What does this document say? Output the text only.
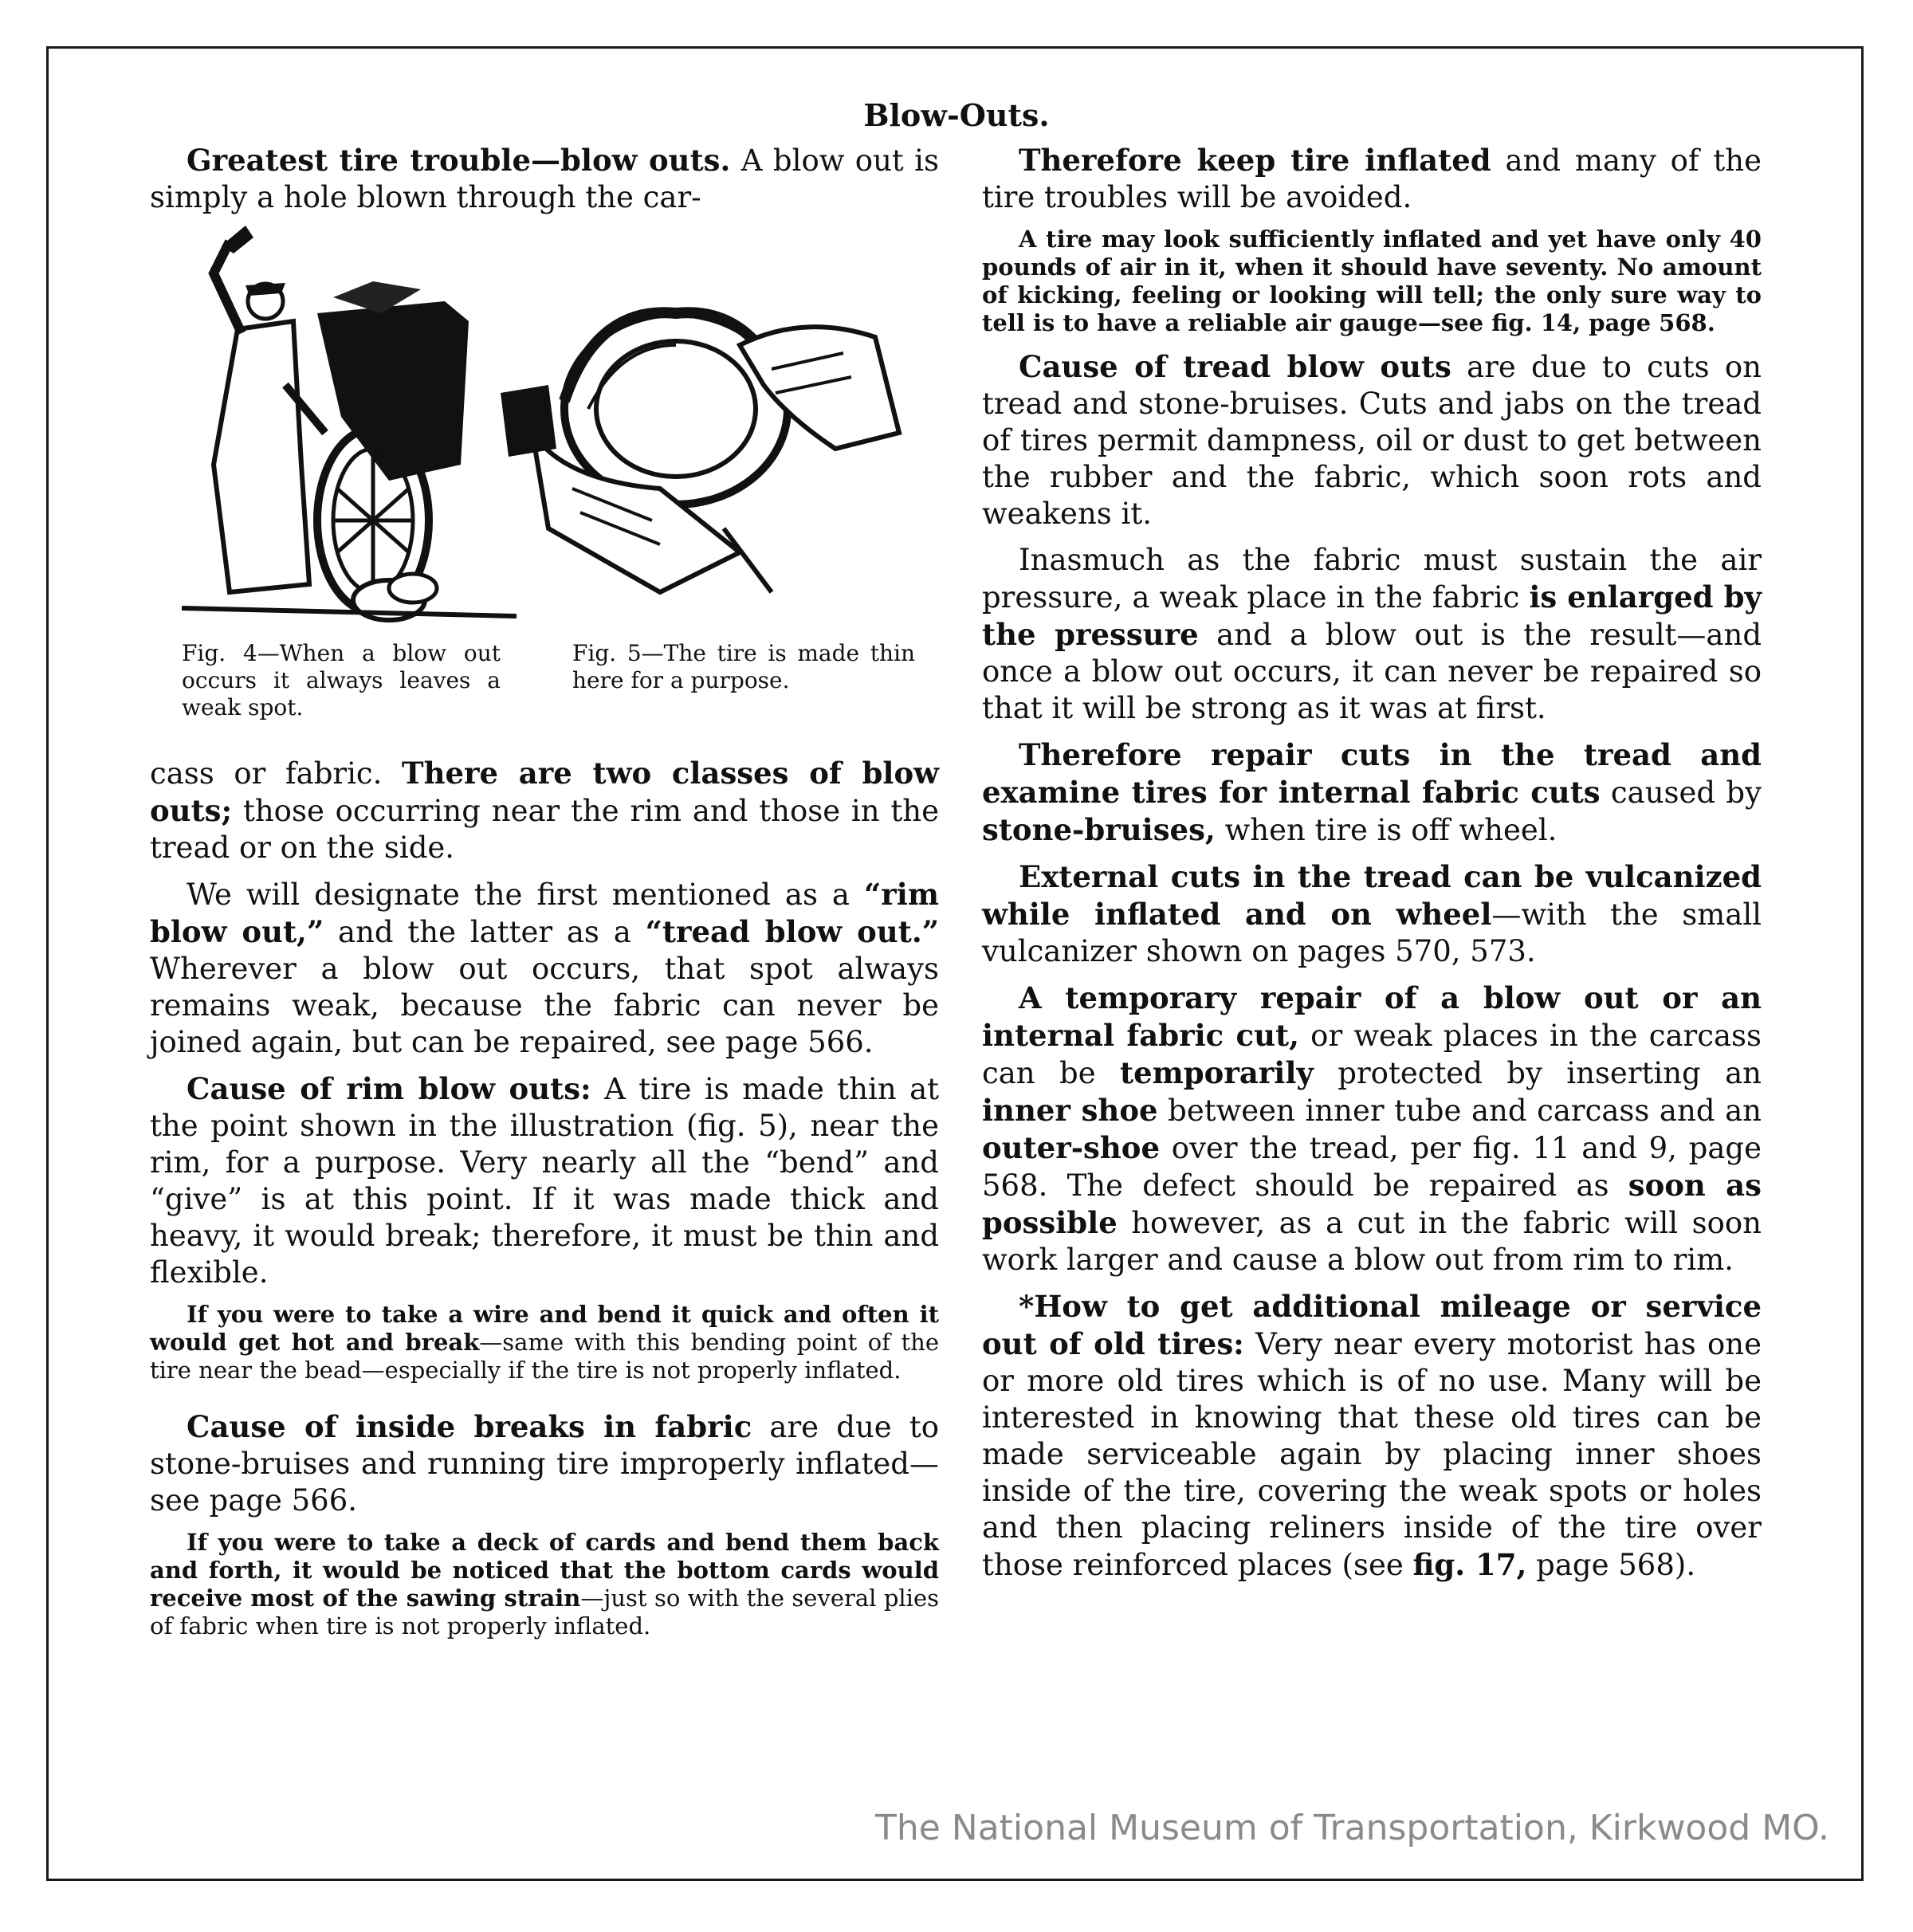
Blow-Outs.

Greatest tire trouble—blow outs. A blow out is simply a hole blown through the car-

Fig. 4—When a blow out occurs it always leaves a weak spot.
Fig. 5—The tire is made thin here for a purpose.

cass or fabric. There are two classes of blow outs; those occurring near the rim and those in the tread or on the side.

We will designate the first mentioned as a “rim blow out,” and the latter as a “tread blow out.” Wherever a blow out occurs, that spot always remains weak, because the fabric can never be joined again, but can be repaired, see page 566.

Cause of rim blow outs: A tire is made thin at the point shown in the illustration (fig. 5), near the rim, for a purpose. Very nearly all the “bend” and “give” is at this point. If it was made thick and heavy, it would break; therefore, it must be thin and flexible.

If you were to take a wire and bend it quick and often it would get hot and break—same with this bending point of the tire near the bead—especially if the tire is not properly inflated.

Cause of inside breaks in fabric are due to stone-bruises and running tire improperly inflated—see page 566.

If you were to take a deck of cards and bend them back and forth, it would be noticed that the bottom cards would receive most of the sawing strain—just so with the several plies of fabric when tire is not properly inflated.

Therefore keep tire inflated and many of the tire troubles will be avoided.

A tire may look sufficiently inflated and yet have only 40 pounds of air in it, when it should have seventy. No amount of kicking, feeling or looking will tell; the only sure way to tell is to have a reliable air gauge—see fig. 14, page 568.

Cause of tread blow outs are due to cuts on tread and stone-bruises. Cuts and jabs on the tread of tires permit dampness, oil or dust to get between the rubber and the fabric, which soon rots and weakens it.

Inasmuch as the fabric must sustain the air pressure, a weak place in the fabric is enlarged by the pressure and a blow out is the result—and once a blow out occurs, it can never be repaired so that it will be strong as it was at first.

Therefore repair cuts in the tread and examine tires for internal fabric cuts caused by stone-bruises, when tire is off wheel.

External cuts in the tread can be vulcanized while inflated and on wheel—with the small vulcanizer shown on pages 570, 573.

A temporary repair of a blow out or an internal fabric cut, or weak places in the carcass can be temporarily protected by inserting an inner shoe between inner tube and carcass and an outer-shoe over the tread, per fig. 11 and 9, page 568. The defect should be repaired as soon as possible however, as a cut in the fabric will soon work larger and cause a blow out from rim to rim.

*How to get additional mileage or service out of old tires: Very near every motorist has one or more old tires which is of no use. Many will be interested in knowing that these old tires can be made serviceable again by placing inner shoes inside of the tire, covering the weak spots or holes and then placing reliners inside of the tire over those reinforced places (see fig. 17, page 568).

The National Museum of Transportation, Kirkwood MO.
